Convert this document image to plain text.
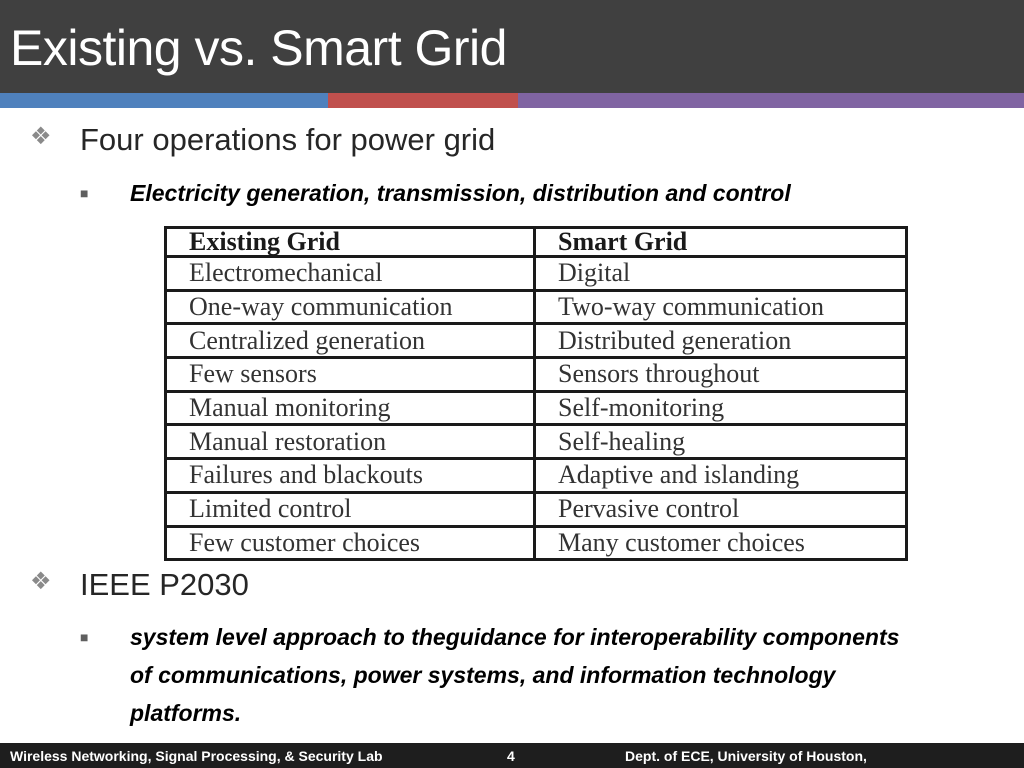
Existing vs. Smart Grid
❖ Four operations for power grid
■ Electricity generation, transmission, distribution and control
Existing Grid	Smart Grid
Electromechanical	Digital
One-way communication	Two-way communication
Centralized generation	Distributed generation
Few sensors	Sensors throughout
Manual monitoring	Self-monitoring
Manual restoration	Self-healing
Failures and blackouts	Adaptive and islanding
Limited control	Pervasive control
Few customer choices	Many customer choices
❖ IEEE P2030
■ system level approach to theguidance for interoperability components of communications, power systems, and information technology platforms.
Wireless Networking, Signal Processing, & Security Lab	4	Dept. of ECE, University of Houston,
